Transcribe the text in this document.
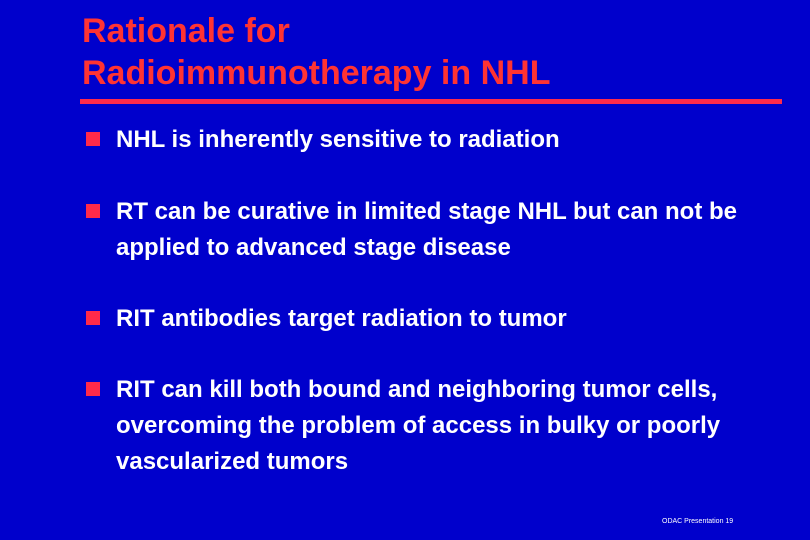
Rationale for
Radioimmunotherapy in NHL
NHL is inherently sensitive to radiation
RT can be curative in limited stage NHL but can not be applied to advanced stage disease
RIT antibodies target radiation to tumor
RIT can kill both bound and neighboring tumor cells, overcoming the problem of access in bulky or poorly vascularized tumors
ODAC Presentation 19
